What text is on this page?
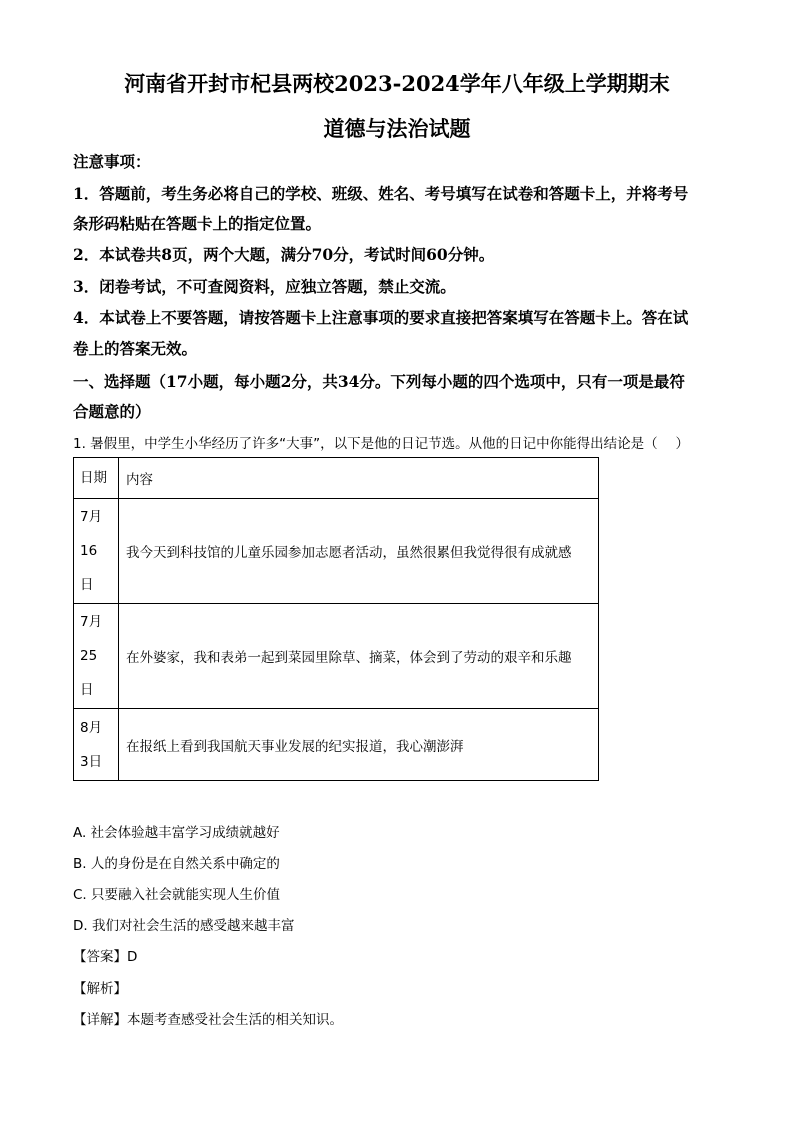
河南省开封市杞县两校2023-2024学年八年级上学期期末
道德与法治试题
注意事项：
1．答题前，考生务必将自己的学校、班级、姓名、考号填写在试卷和答题卡上，并将考号
条形码粘贴在答题卡上的指定位置。
2．本试卷共8页，两个大题，满分70分，考试时间60分钟。
3．闭卷考试，不可查阅资料，应独立答题，禁止交流。
4．本试卷上不要答题，请按答题卡上注意事项的要求直接把答案填写在答题卡上。答在试
卷上的答案无效。
一、选择题（17小题，每小题2分，共34分。下列每小题的四个选项中，只有一项是最符
合题意的）
1. 暑假里，中学生小华经历了许多“大事”，以下是他的日记节选。从他的日记中你能得出结论是（　 ）
日期	内容

7月
16
日	我今天到科技馆的儿童乐园参加志愿者活动，虽然很累但我觉得很有成就感

7月
25
日	在外婆家，我和表弟一起到菜园里除草、摘菜，体会到了劳动的艰辛和乐趣

8月
3日	在报纸上看到我国航天事业发展的纪实报道，我心潮澎湃
A. 社会体验越丰富学习成绩就越好
B. 人的身份是在自然关系中确定的
C. 只要融入社会就能实现人生价值
D. 我们对社会生活的感受越来越丰富
【答案】D
【解析】
【详解】本题考查感受社会生活的相关知识。
